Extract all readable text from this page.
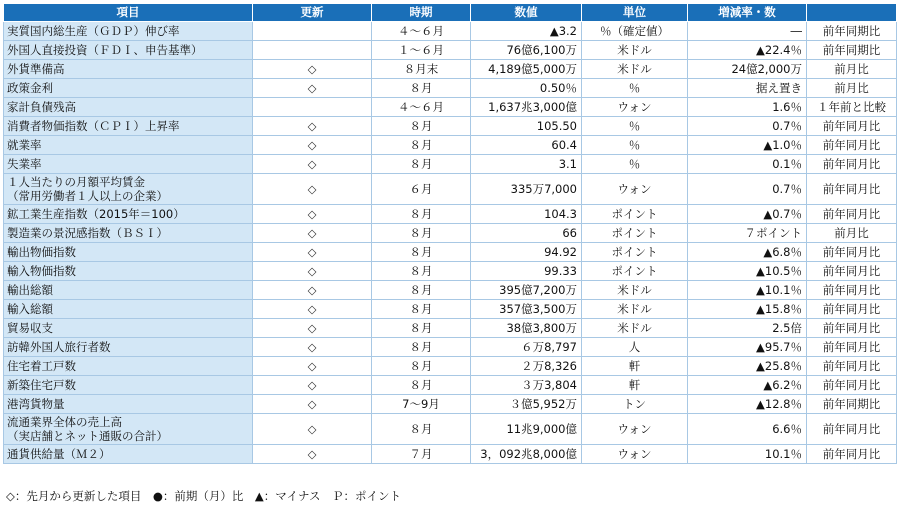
項目	更新	時期	数値	単位	増減率・数	

実質国内総生産（ＧＤＰ）伸び率		４～６月	▲3.2	％（確定値）	―	前年同期比

外国人直接投資（ＦＤＩ、申告基準）		１～６月	76億6,100万	米ドル	▲22.4％	前年同期比

外貨準備高	◇	８月末	4,189億5,000万	米ドル	24億2,000万	前月比

政策金利	◇	８月	0.50％	％	据え置き	前月比

家計負債残高		４～６月	1,637兆3,000億	ウォン	1.6％	１年前と比較

消費者物価指数（ＣＰＩ）上昇率	◇	８月	105.50	％	0.7％	前年同月比

就業率	◇	８月	60.4	％	▲1.0％	前年同月比

失業率	◇	８月	3.1	％	0.1％	前年同月比

１人当たりの月額平均賃金
（常用労働者１人以上の企業）	◇	６月	335万7,000	ウォン	0.7％	前年同月比

鉱工業生産指数（2015年＝100）	◇	８月	104.3	ポイント	▲0.7％	前年同月比

製造業の景況感指数（ＢＳＩ）	◇	８月	66	ポイント	７ポイント	前月比

輸出物価指数	◇	８月	94.92	ポイント	▲6.8％	前年同月比

輸入物価指数	◇	８月	99.33	ポイント	▲10.5％	前年同月比

輸出総額	◇	８月	395億7,200万	米ドル	▲10.1％	前年同月比

輸入総額	◇	８月	357億3,500万	米ドル	▲15.8％	前年同月比

貿易収支	◇	８月	38億3,800万	米ドル	2.5倍	前年同月比

訪韓外国人旅行者数	◇	８月	６万8,797	人	▲95.7％	前年同月比

住宅着工戸数	◇	８月	２万8,326	軒	▲25.8％	前年同月比

新築住宅戸数	◇	８月	３万3,804	軒	▲6.2％	前年同月比

港湾貨物量	◇	7～9月	３億5,952万	トン	▲12.8％	前年同期比

流通業界全体の売上高
（実店舗とネット通販の合計）	◇	８月	11兆9,000億	ウォン	6.6％	前年同月比

通貨供給量（Ｍ２）	◇	７月	3，092兆8,000億	ウォン	10.1％	前年同月比
◇：先月から更新した項目　●：前期（月）比　▲：マイナス　Ｐ：ポイント
